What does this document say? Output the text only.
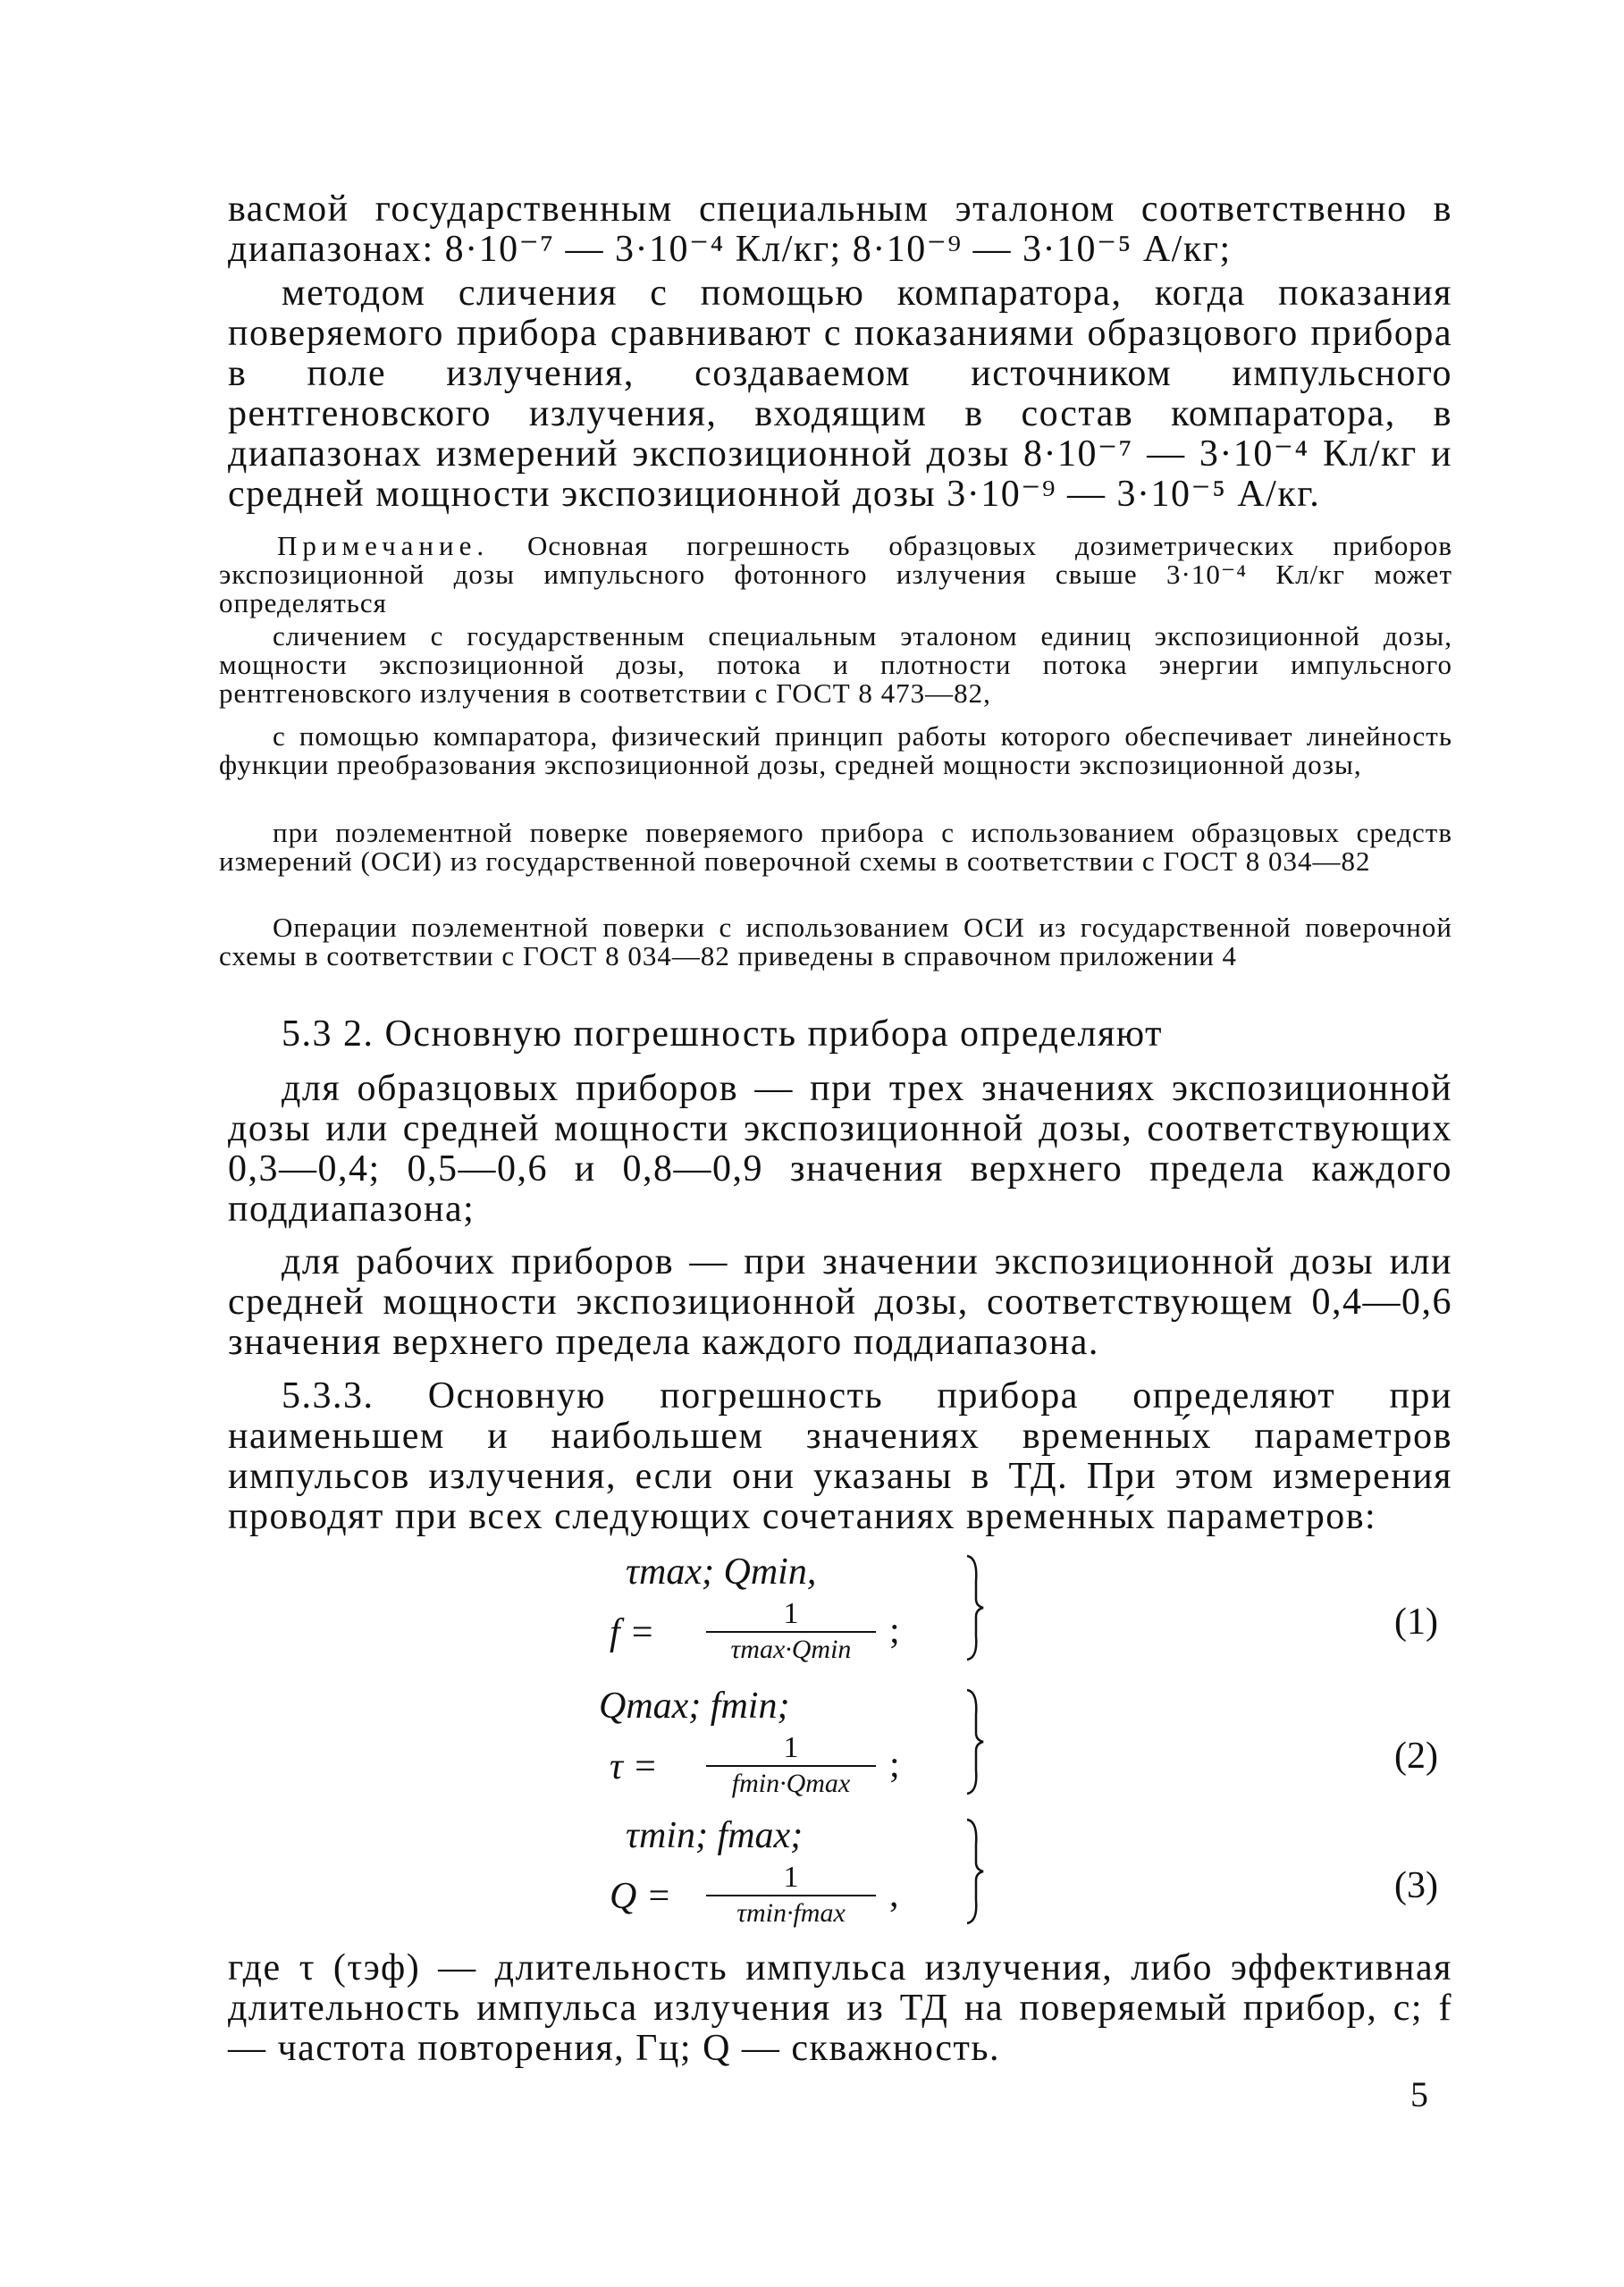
васмой государственным специальным эталоном соответственно в диапазонах: 8·10⁻⁷ — 3·10⁻⁴ Кл/кг; 8·10⁻⁹ — 3·10⁻⁵ А/кг;

методом сличения с помощью компаратора, когда показания поверяемого прибора сравнивают с показаниями образцового прибора в поле излучения, создаваемом источником импульсного рентгеновского излучения, входящим в состав компаратора, в диапазонах измерений экспозиционной дозы 8·10⁻⁷ — 3·10⁻⁴ Кл/кг и средней мощности экспозиционной дозы 3·10⁻⁹ — 3·10⁻⁵ А/кг.

Примечание. Основная погрешность образцовых дозиметрических приборов экспозиционной дозы импульсного фотонного излучения свыше 3·10⁻⁴ Кл/кг может определяться
сличением с государственным специальным эталоном единиц экспозиционной дозы, мощности экспозиционной дозы, потока и плотности потока энергии импульсного рентгеновского излучения в соответствии с ГОСТ 8 473—82,
с помощью компаратора, физический принцип работы которого обеспечивает линейность функции преобразования экспозиционной дозы, средней мощности экспозиционной дозы,
при поэлементной поверке поверяемого прибора с использованием образцовых средств измерений (ОСИ) из государственной поверочной схемы в соответствии с ГОСТ 8 034—82
Операции поэлементной поверки с использованием ОСИ из государственной поверочной схемы в соответствии с ГОСТ 8 034—82 приведены в справочном приложении 4
5.3 2. Основную погрешность прибора определяют
для образцовых приборов — при трех значениях экспозиционной дозы или средней мощности экспозиционной дозы, соответствующих 0,3—0,4; 0,5—0,6 и 0,8—0,9 значения верхнего предела каждого поддиапазона;
для рабочих приборов — при значении экспозиционной дозы или средней мощности экспозиционной дозы, соответствующем 0,4—0,6 значения верхнего предела каждого поддиапазона.
5.3.3. Основную погрешность прибора определяют при наименьшем и наибольшем значениях временны́х параметров импульсов излучения, если они указаны в ТД. При этом измерения проводят при всех следующих сочетаниях временны́х параметров:
τmax; Qmin,
f =	1
τmax·Qmin	;	(1)
Qmax; fmin;
τ =	1
fmin·Qmax	;	(2)
τmin; fmax;
Q =	1
τmin·fmax	,	(3)
где τ (τэф) — длительность импульса излучения, либо эффективная длительность импульса излучения из ТД на поверяемый прибор, с; f — частота повторения, Гц; Q — скважность.
5
